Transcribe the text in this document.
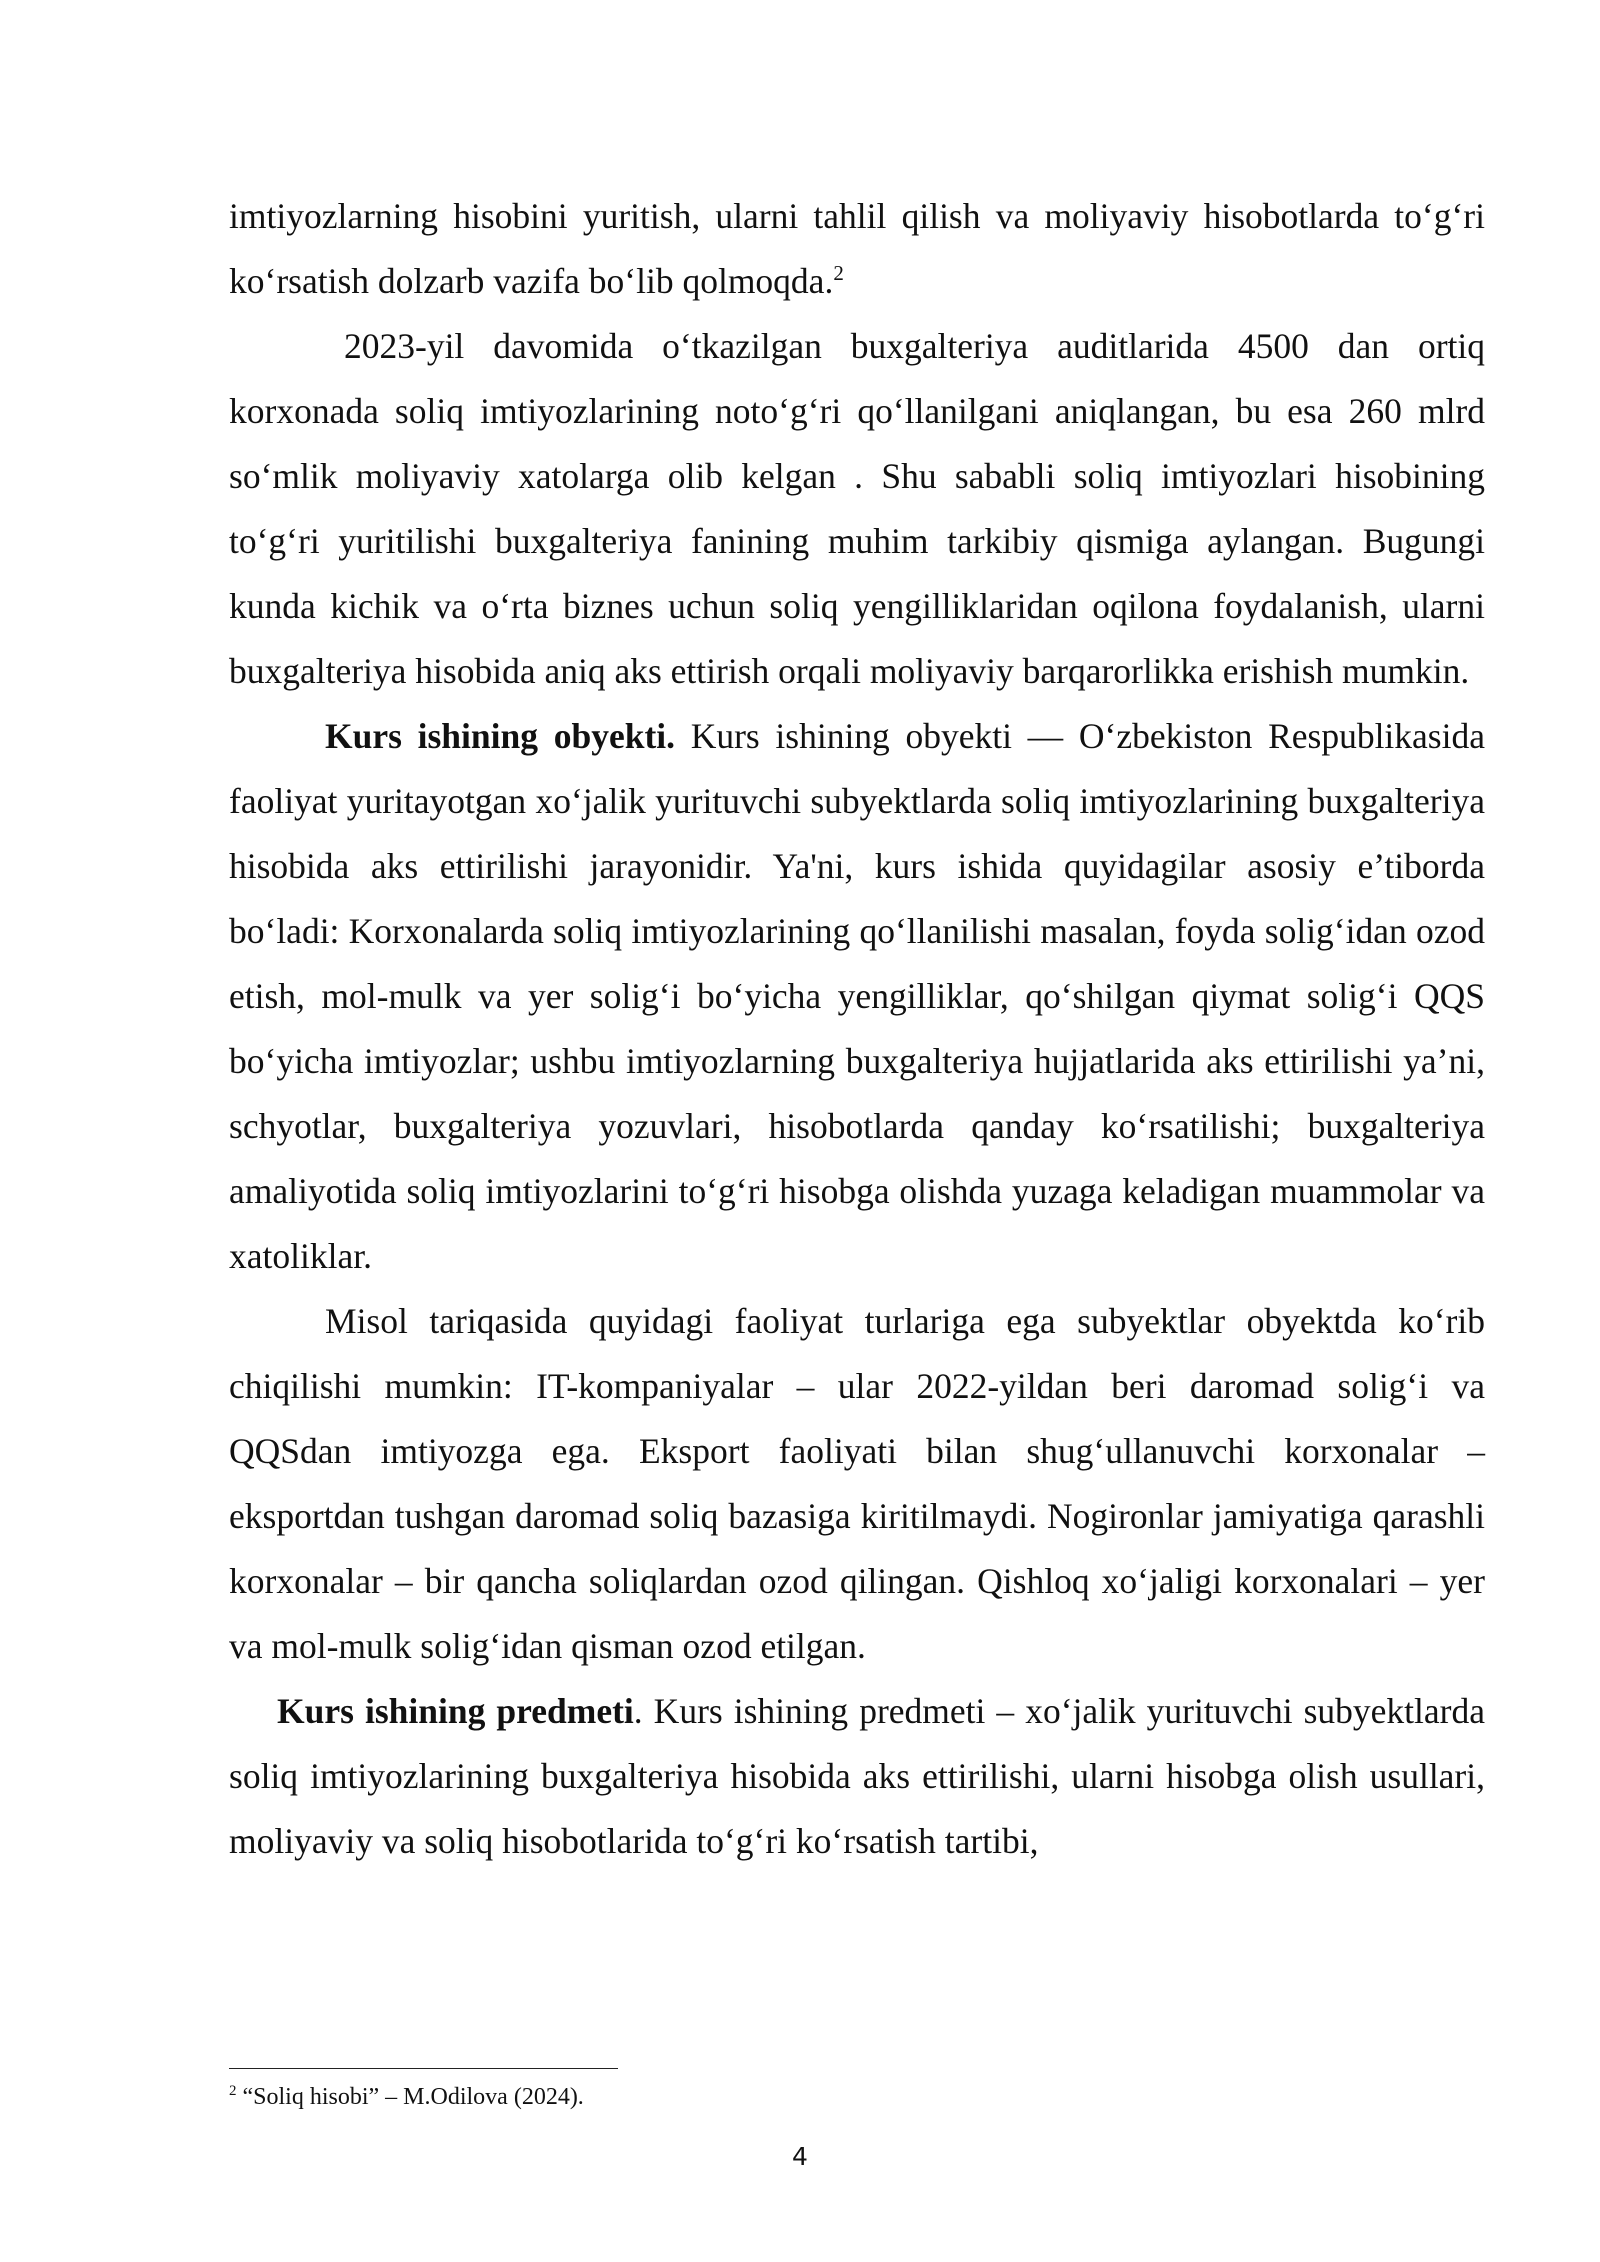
imtiyozlarning hisobini yuritish, ularni tahlil qilish va moliyaviy hisobotlarda to‘g‘ri ko‘rsatish dolzarb vazifa bo‘lib qolmoqda.$^2$

2023-yil davomida o‘tkazilgan buxgalteriya auditlarida 4500 dan ortiq korxonada soliq imtiyozlarining noto‘g‘ri qo‘llanilgani aniqlangan, bu esa 260 mlrd so‘mlik moliyaviy xatolarga olib kelgan . Shu sababli soliq imtiyozlari hisobining to‘g‘ri yuritilishi buxgalteriya fanining muhim tarkibiy qismiga aylangan. Bugungi kunda kichik va o‘rta biznes uchun soliq yengilliklaridan oqilona foydalanish, ularni buxgalteriya hisobida aniq aks ettirish orqali moliyaviy barqarorlikka erishish mumkin.

Kurs ishining obyekti. Kurs ishining obyekti — O‘zbekiston Respublikasida faoliyat yuritayotgan xo‘jalik yurituvchi subyektlarda soliq imtiyozlarining buxgalteriya hisobida aks ettirilishi jarayonidir. Ya'ni, kurs ishida quyidagilar asosiy e’tiborda bo‘ladi: Korxonalarda soliq imtiyozlarining qo‘llanilishi masalan, foyda solig‘idan ozod etish, mol-mulk va yer solig‘i bo‘yicha yengilliklar, qo‘shilgan qiymat solig‘i QQS bo‘yicha imtiyozlar; ushbu imtiyozlarning buxgalteriya hujjatlarida aks ettirilishi ya’ni, schyotlar, buxgalteriya yozuvlari, hisobotlarda qanday ko‘rsatilishi; buxgalteriya amaliyotida soliq imtiyozlarini to‘g‘ri hisobga olishda yuzaga keladigan muammolar va xatoliklar.

Misol tariqasida quyidagi faoliyat turlariga ega subyektlar obyektda ko‘rib chiqilishi mumkin: IT-kompaniyalar – ular 2022-yildan beri daromad solig‘i va QQSdan imtiyozga ega. Eksport faoliyati bilan shug‘ullanuvchi korxonalar – eksportdan tushgan daromad soliq bazasiga kiritilmaydi. Nogironlar jamiyatiga qarashli korxonalar – bir qancha soliqlardan ozod qilingan. Qishloq xo‘jaligi korxonalari – yer va mol-mulk solig‘idan qisman ozod etilgan.

Kurs ishining predmeti. Kurs ishining predmeti – xo‘jalik yurituvchi subyektlarda soliq imtiyozlarining buxgalteriya hisobida aks ettirilishi, ularni hisobga olish usullari, moliyaviy va soliq hisobotlarida to‘g‘ri ko‘rsatish tartibi,

$^2$ “Soliq hisobi” – M.Odilova (2024).
4
